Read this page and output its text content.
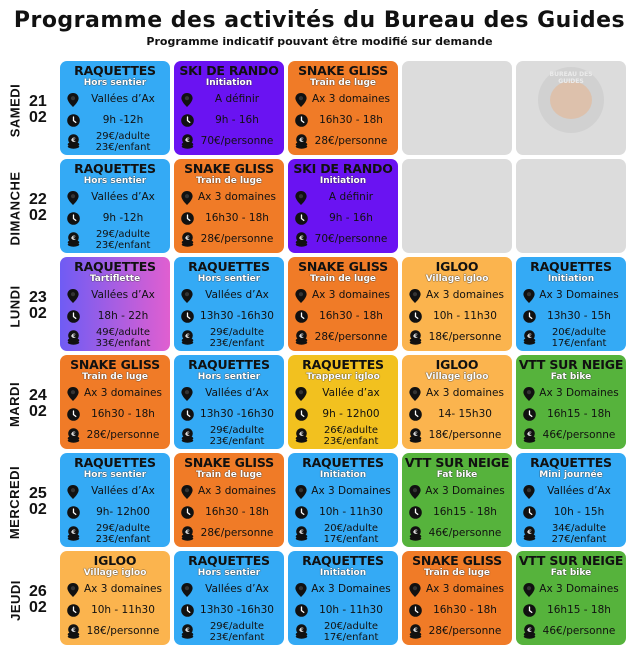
Programme des activités du Bureau des Guides
Programme indicatif pouvant être modifié sur demande
SAMEDI 21
02
RAQUETTES
Hors sentier
Vallées d’Ax
9h -12h
€	29€/adulte
23€/enfant
SKI DE RANDO
Initiation
A définir
9h - 16h
€	70€/personne
SNAKE GLISS
Train de luge
Ax 3 domaines
16h30 - 18h
€	28€/personne
BUREAU DES GUIDES
DIMANCHE 22
02
RAQUETTES
Hors sentier
Vallées d’Ax
9h -12h
€	29€/adulte
23€/enfant
SNAKE GLISS
Train de luge
Ax 3 domaines
16h30 - 18h
€	28€/personne
SKI DE RANDO
Initiation
A définir
9h - 16h
€	70€/personne
LUNDI 23
02
RAQUETTES
Tartiflette
Vallées d’Ax
18h - 22h
€	49€/adulte
33€/enfant
RAQUETTES
Hors sentier
Vallées d’Ax
13h30 -16h30
€	29€/adulte
23€/enfant
SNAKE GLISS
Train de luge
Ax 3 domaines
16h30 - 18h
€	28€/personne
IGLOO
Village igloo
Ax 3 domaines
10h - 11h30
€	18€/personne
RAQUETTES
Initiation
Ax 3 Domaines
13h30 - 15h
€	20€/adulte
17€/enfant
MARDI 24
02
SNAKE GLISS
Train de luge
Ax 3 domaines
16h30 - 18h
€	28€/personne
RAQUETTES
Hors sentier
Vallées d’Ax
13h30 -16h30
€	29€/adulte
23€/enfant
RAQUETTES
Trappeur igloo
Vallée d’ax
9h - 12h00
€	26€/adulte
23€/enfant
IGLOO
Village igloo
Ax 3 domaines
14- 15h30
€	18€/personne
VTT SUR NEIGE
Fat bike
Ax 3 Domaines
16h15 - 18h
€	46€/personne
MERCREDI 25
02
RAQUETTES
Hors sentier
Vallées d’Ax
9h- 12h00
€	29€/adulte
23€/enfant
SNAKE GLISS
Train de luge
Ax 3 domaines
16h30 - 18h
€	28€/personne
RAQUETTES
Initiation
Ax 3 Domaines
10h - 11h30
€	20€/adulte
17€/enfant
VTT SUR NEIGE
Fat bike
Ax 3 Domaines
16h15 - 18h
€	46€/personne
RAQUETTES
Mini journée
Vallées d’Ax
10h - 15h
€	34€/adulte
27€/enfant
JEUDI 26
02
IGLOO
Village igloo
Ax 3 domaines
10h - 11h30
€	18€/personne
RAQUETTES
Hors sentier
Vallées d’Ax
13h30 -16h30
€	29€/adulte
23€/enfant
RAQUETTES
Initiation
Ax 3 Domaines
10h - 11h30
€	20€/adulte
17€/enfant
SNAKE GLISS
Train de luge
Ax 3 domaines
16h30 - 18h
€	28€/personne
VTT SUR NEIGE
Fat bike
Ax 3 Domaines
16h15 - 18h
€	46€/personne
